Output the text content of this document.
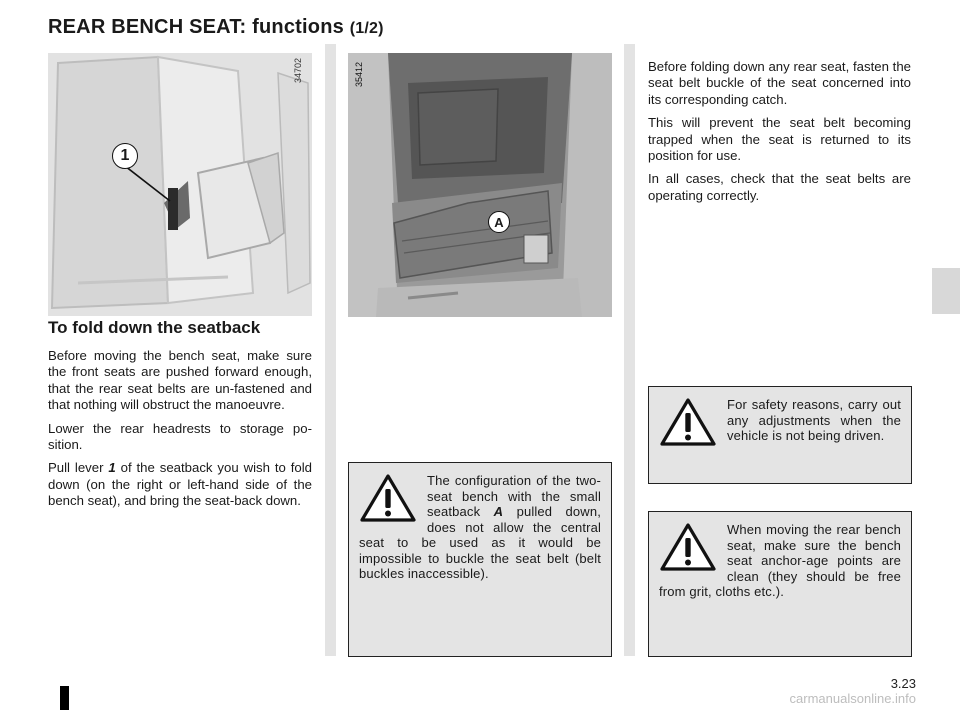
REAR BENCH SEAT: functions (1/2)
1
34702
A
35412
To fold down the seatback

Before moving the bench seat, make sure the front seats are pushed forward enough, that the rear seat belts are un-fastened and that nothing will obstruct the manoeuvre.

Lower the rear headrests to storage po-sition.

Pull lever 1 of the seatback you wish to fold down (on the right or left-hand side of the bench seat), and bring the seat-back down.

The configuration of the two-seat bench with the small seatback A pulled down, does not allow the central seat to be used as it would be impossible to buckle the seat belt (belt buckles inaccessible).

Before folding down any rear seat, fasten the seat belt buckle of the seat concerned into its corresponding catch.

This will prevent the seat belt becoming trapped when the seat is returned to its position for use.

In all cases, check that the seat belts are operating correctly.

For safety reasons, carry out any adjustments when the vehicle is not being driven.
When moving the rear bench seat, make sure the bench seat anchor-age points are clean (they should be free from grit, cloths etc.).
3.23
carmanualsonline.info
